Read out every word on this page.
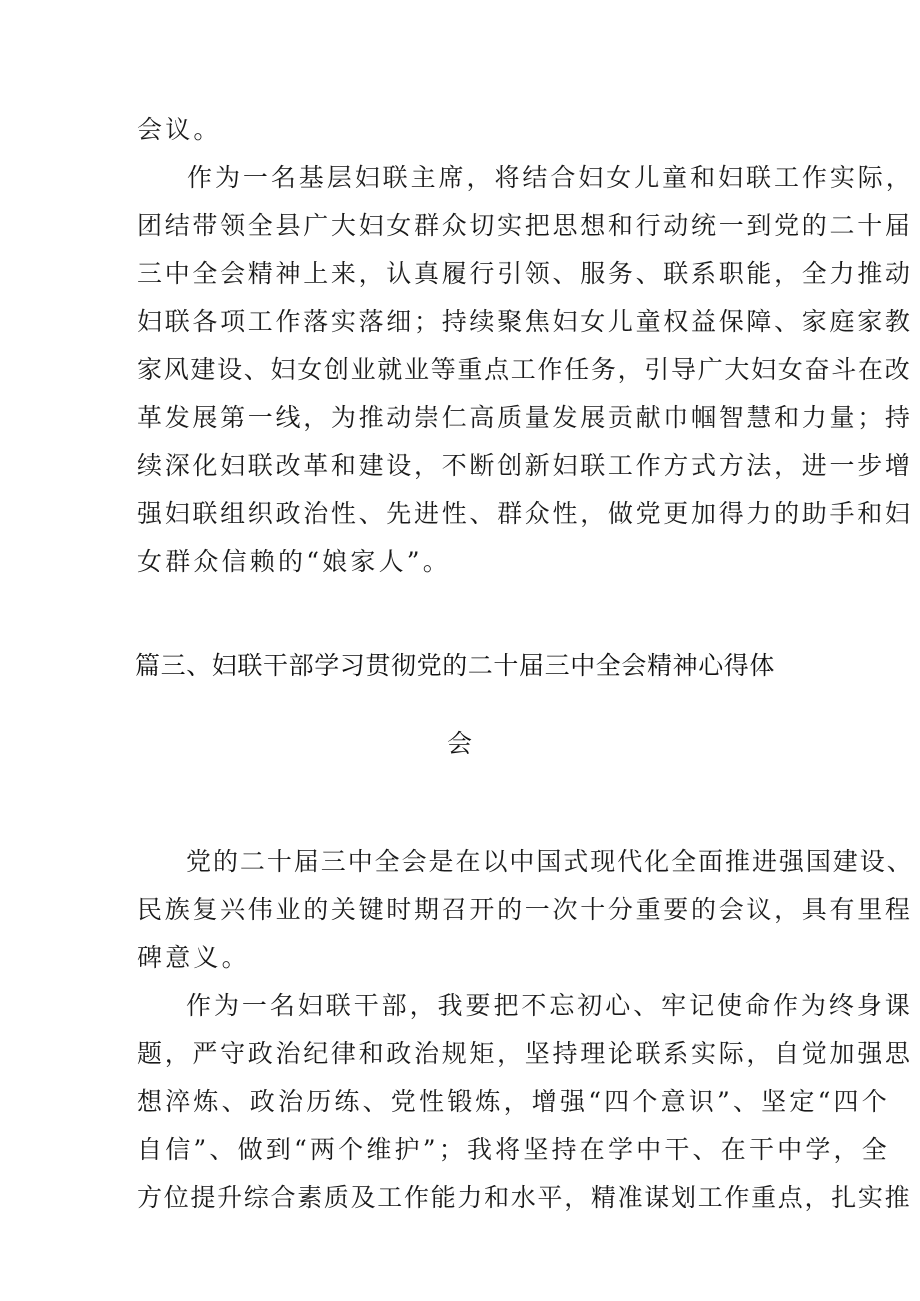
会议。
作为一名基层妇联主席，将结合妇女儿童和妇联工作实际，
团结带领全县广大妇女群众切实把思想和行动统一到党的二十届
三中全会精神上来，认真履行引领、服务、联系职能，全力推动
妇联各项工作落实落细；持续聚焦妇女儿童权益保障、家庭家教
家风建设、妇女创业就业等重点工作任务，引导广大妇女奋斗在改
革发展第一线，为推动崇仁高质量发展贡献巾帼智慧和力量；持
续深化妇联改革和建设，不断创新妇联工作方式方法，进一步增
强妇联组织政治性、先进性、群众性，做党更加得力的助手和妇
女群众信赖的“娘家人”。
篇三、妇联干部学习贯彻党的二十届三中全会精神心得体
会
党的二十届三中全会是在以中国式现代化全面推进强国建设、
民族复兴伟业的关键时期召开的一次十分重要的会议，具有里程
碑意义。
作为一名妇联干部，我要把不忘初心、牢记使命作为终身课
题，严守政治纪律和政治规矩，坚持理论联系实际，自觉加强思
想淬炼、政治历练、党性锻炼，增强“四个意识”、坚定“四个
自信”、做到“两个维护”；我将坚持在学中干、在干中学，全
方位提升综合素质及工作能力和水平，精准谋划工作重点，扎实推
